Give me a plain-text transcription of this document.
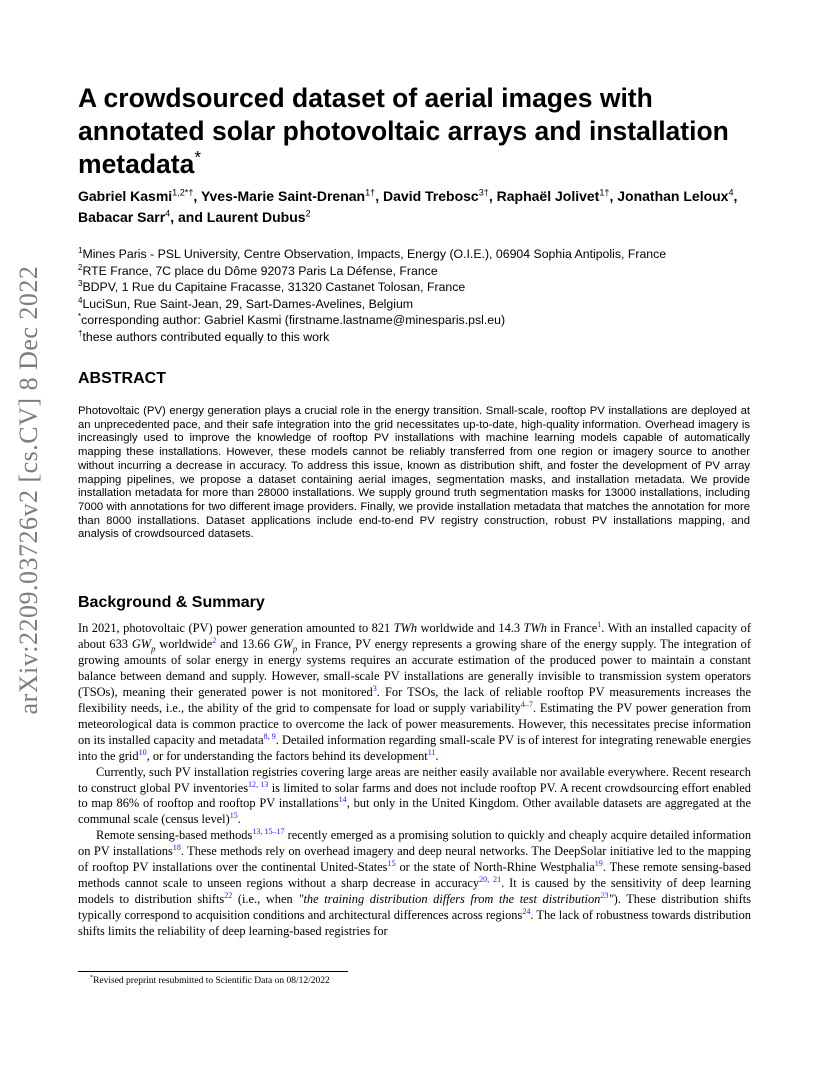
arXiv:2209.03726v2 [cs.CV] 8 Dec 2022
A crowdsourced dataset of aerial images with annotated solar photovoltaic arrays and installation metadata*

Gabriel Kasmi$^{1,2*\dagger}$, Yves-Marie Saint-Drenan$^{1\dagger}$, David Trebosc$^{3\dagger}$, Raphaël Jolivet$^{1\dagger}$, Jonathan Leloux$^4$, Babacar Sarr$^4$, and Laurent Dubus$^2$

$^1$Mines Paris - PSL University, Centre Observation, Impacts, Energy (O.I.E.), 06904 Sophia Antipolis, France
$^2$RTE France, 7C place du Dôme 92073 Paris La Défense, France
$^3$BDPV, 1 Rue du Capitaine Fracasse, 31320 Castanet Tolosan, France
$^4$LuciSun, Rue Saint-Jean, 29, Sart-Dames-Avelines, Belgium
*corresponding author: Gabriel Kasmi (firstname.lastname@minesparis.psl.eu)
†these authors contributed equally to this work
ABSTRACT

Photovoltaic (PV) energy generation plays a crucial role in the energy transition. Small-scale, rooftop PV installations are deployed at an unprecedented pace, and their safe integration into the grid necessitates up-to-date, high-quality information. Overhead imagery is increasingly used to improve the knowledge of rooftop PV installations with machine learning models capable of automatically mapping these installations. However, these models cannot be reliably transferred from one region or imagery source to another without incurring a decrease in accuracy. To address this issue, known as distribution shift, and foster the development of PV array mapping pipelines, we propose a dataset containing aerial images, segmentation masks, and installation metadata. We provide installation metadata for more than 28000 installations. We supply ground truth segmentation masks for 13000 installations, including 7000 with annotations for two different image providers. Finally, we provide installation metadata that matches the annotation for more than 8000 installations. Dataset applications include end-to-end PV registry construction, robust PV installations mapping, and analysis of crowdsourced datasets.

Background & Summary

In 2021, photovoltaic (PV) power generation amounted to 821 TWh worldwide and 14.3 TWh in France$^1$. With an installed capacity of about 633 $GW_p$ worldwide$^2$ and 13.66 $GW_p$ in France, PV energy represents a growing share of the energy supply. The integration of growing amounts of solar energy in energy systems requires an accurate estimation of the produced power to maintain a constant balance between demand and supply. However, small-scale PV installations are generally invisible to transmission system operators (TSOs), meaning their generated power is not monitored$^3$. For TSOs, the lack of reliable rooftop PV measurements increases the flexibility needs, i.e., the ability of the grid to compensate for load or supply variability$^{4-7}$. Estimating the PV power generation from meteorological data is common practice to overcome the lack of power measurements. However, this necessitates precise information on its installed capacity and metadata$^{8, 9}$. Detailed information regarding small-scale PV is of interest for integrating renewable energies into the grid$^{10}$, or for understanding the factors behind its development$^{11}$.

Currently, such PV installation registries covering large areas are neither easily available nor available everywhere. Recent research to construct global PV inventories$^{12, 13}$ is limited to solar farms and does not include rooftop PV. A recent crowdsourcing effort enabled to map 86% of rooftop and rooftop PV installations$^{14}$, but only in the United Kingdom. Other available datasets are aggregated at the communal scale (census level)$^{15}$.

Remote sensing-based methods$^{13, 15-17}$ recently emerged as a promising solution to quickly and cheaply acquire detailed information on PV installations$^{18}$. These methods rely on overhead imagery and deep neural networks. The DeepSolar initiative led to the mapping of rooftop PV installations over the continental United-States$^{15}$ or the state of North-Rhine Westphalia$^{19}$. These remote sensing-based methods cannot scale to unseen regions without a sharp decrease in accuracy$^{20, 21}$. It is caused by the sensitivity of deep learning models to distribution shifts$^{22}$ (i.e., when "the training distribution differs from the test distribution$^{23}$"). These distribution shifts typically correspond to acquisition conditions and architectural differences across regions$^{24}$. The lack of robustness towards distribution shifts limits the reliability of deep learning-based registries for

*Revised preprint resubmitted to Scientific Data on 08/12/2022
